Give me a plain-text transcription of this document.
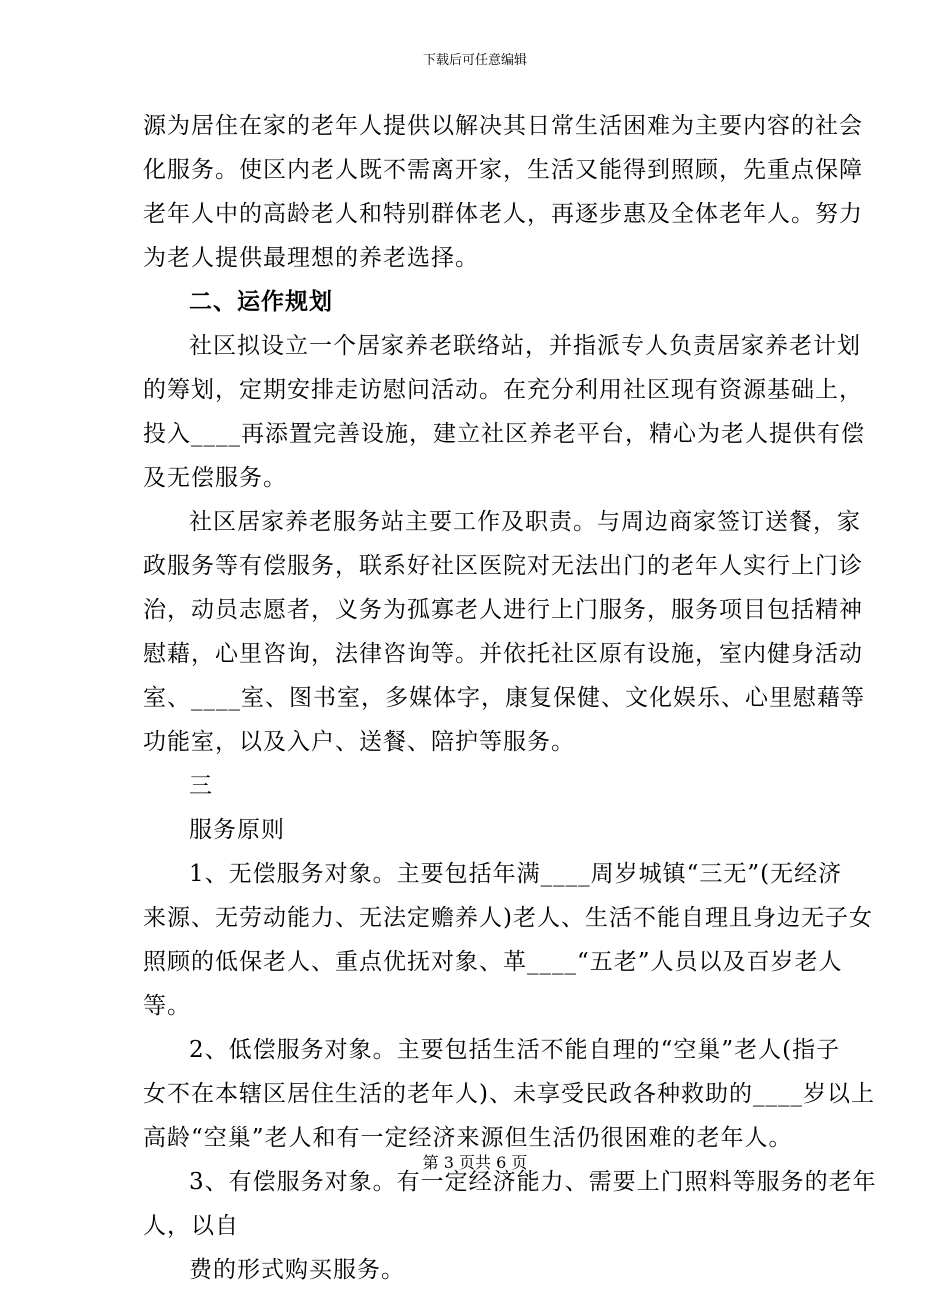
下载后可任意编辑
源为居住在家的老年人提供以解决其日常生活困难为主要内容的社会
化服务。使区内老人既不需离开家，生活又能得到照顾，先重点保障
老年人中的高龄老人和特别群体老人，再逐步惠及全体老年人。努力
为老人提供最理想的养老选择。
二、运作规划
社区拟设立一个居家养老联络站，并指派专人负责居家养老计划
的筹划，定期安排走访慰问活动。在充分利用社区现有资源基础上，
投入____再添置完善设施，建立社区养老平台，精心为老人提供有偿
及无偿服务。
社区居家养老服务站主要工作及职责。与周边商家签订送餐，家
政服务等有偿服务，联系好社区医院对无法出门的老年人实行上门诊
治，动员志愿者，义务为孤寡老人进行上门服务，服务项目包括精神
慰藉，心里咨询，法律咨询等。并依托社区原有设施，室内健身活动
室、____室、图书室，多媒体字，康复保健、文化娱乐、心里慰藉等
功能室，以及入户、送餐、陪护等服务。
三
服务原则
1、无偿服务对象。主要包括年满____周岁城镇“三无”(无经济
来源、无劳动能力、无法定赡养人)老人、生活不能自理且身边无子女
照顾的低保老人、重点优抚对象、革____“五老”人员以及百岁老人
等。
2、低偿服务对象。主要包括生活不能自理的“空巢”老人(指子
女不在本辖区居住生活的老年人)、未享受民政各种救助的____岁以上
高龄“空巢”老人和有一定经济来源但生活仍很困难的老年人。
3、有偿服务对象。有一定经济能力、需要上门照料等服务的老年
人，以自
费的形式购买服务。
第 3 页共 6 页
